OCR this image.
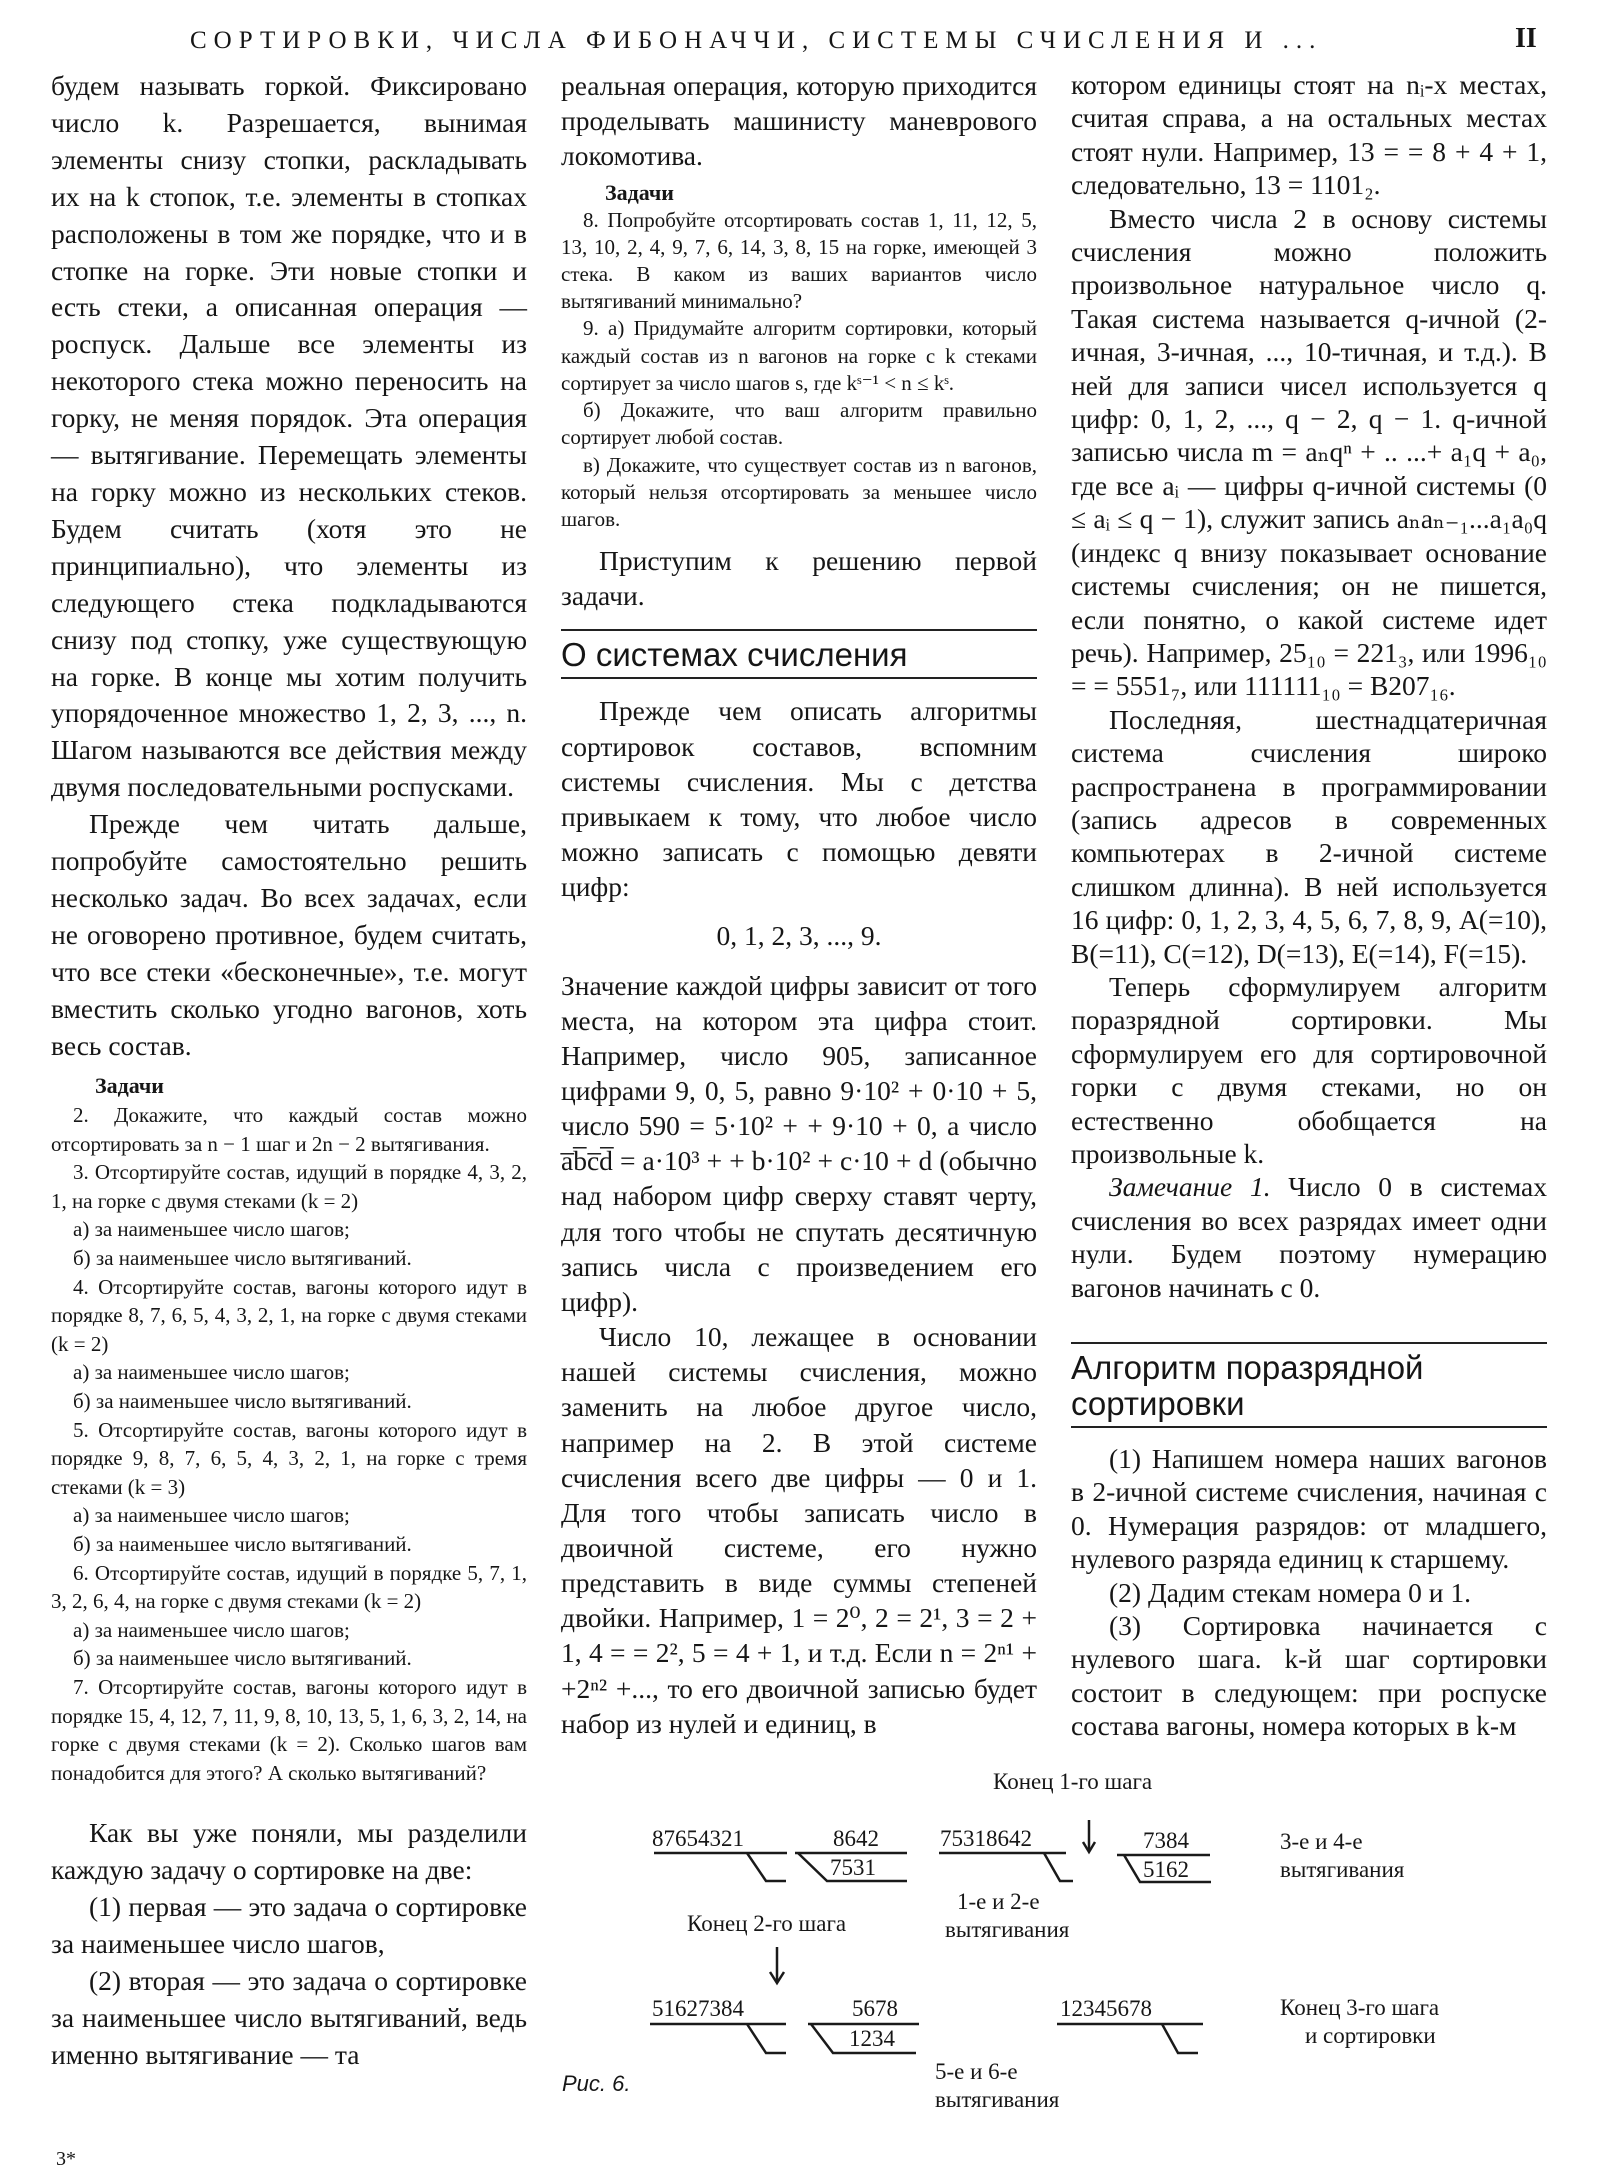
СОРТИРОВКИ, ЧИСЛА ФИБОНАЧЧИ, СИСТЕМЫ СЧИСЛЕНИЯ И ...	II

будем называть горкой. Фиксировано число k. Разрешается, вынимая элементы снизу стопки, раскладывать их на k стопок, т.е. элементы в стопках расположены в том же порядке, что и в стопке на горке. Эти новые стопки и есть стеки, а описанная операция — роспуск. Дальше все элементы из некоторого стека можно переносить на горку, не меняя порядок. Эта операция — вытягивание. Перемещать элементы на горку можно из нескольких стеков. Будем считать (хотя это не принципиально), что элементы из следующего стека подкладываются снизу под стопку, уже существующую на горке. В конце мы хотим получить упорядоченное множество 1, 2, 3, ..., n. Шагом называются все действия между двумя последовательными роспусками.

Прежде чем читать дальше, попробуйте самостоятельно решить несколько задач. Во всех задачах, если не оговорено противное, будем считать, что все стеки «бесконечные», т.е. могут вместить сколько угодно вагонов, хоть весь состав.

Задачи

2. Докажите, что каждый состав можно отсортировать за n − 1 шаг и 2n − 2 вытягивания.

3. Отсортируйте состав, идущий в порядке 4, 3, 2, 1, на горке с двумя стеками (k = 2)

а) за наименьшее число шагов;

б) за наименьшее число вытягиваний.

4. Отсортируйте состав, вагоны которого идут в порядке 8, 7, 6, 5, 4, 3, 2, 1, на горке с двумя стеками (k = 2)

а) за наименьшее число шагов;

б) за наименьшее число вытягиваний.

5. Отсортируйте состав, вагоны которого идут в порядке 9, 8, 7, 6, 5, 4, 3, 2, 1, на горке с тремя стеками (k = 3)

а) за наименьшее число шагов;

б) за наименьшее число вытягиваний.

6. Отсортируйте состав, идущий в порядке 5, 7, 1, 3, 2, 6, 4, на горке с двумя стеками (k = 2)

а) за наименьшее число шагов;

б) за наименьшее число вытягиваний.

7. Отсортируйте состав, вагоны которого идут в порядке 15, 4, 12, 7, 11, 9, 8, 10, 13, 5, 1, 6, 3, 2, 14, на горке с двумя стеками (k = 2). Сколько шагов вам понадобится для этого? А сколько вытягиваний?

Как вы уже поняли, мы разделили каждую задачу о сортировке на две:

(1) первая — это задача о сортировке за наименьшее число шагов,

(2) вторая — это задача о сортировке за наименьшее число вытягиваний, ведь именно вытягивание — та

реальная операция, которую приходится проделывать машинисту маневрового локомотива.

Задачи

8. Попробуйте отсортировать состав 1, 11, 12, 5, 13, 10, 2, 4, 9, 7, 6, 14, 3, 8, 15 на горке, имеющей 3 стека. В каком из ваших вариантов число вытягиваний минимально?

9. а) Придумайте алгоритм сортировки, который каждый состав из n вагонов на горке с k стеками сортирует за число шагов s, где kˢ⁻¹ < n ≤ kˢ.

б) Докажите, что ваш алгоритм правильно сортирует любой состав.

в) Докажите, что существует состав из n вагонов, который нельзя отсортировать за меньшее число шагов.

Приступим к решению первой задачи.

О системах счисления

Прежде чем описать алгоритмы сортировок составов, вспомним системы счисления. Мы с детства привыкаем к тому, что любое число можно записать с помощью девяти цифр:

0, 1, 2, 3, ..., 9.

Значение каждой цифры зависит от того места, на котором эта цифра стоит. Например, число 905, записанное цифрами 9, 0, 5, равно 9·10² + 0·10 + 5, число 590 = 5·10² + + 9·10 + 0, а число a̅b̅c̅d̅ = a·10³ + + b·10² + c·10 + d (обычно над набором цифр сверху ставят черту, для того чтобы не спутать десятичную запись числа с произведением его цифр).

Число 10, лежащее в основании нашей системы счисления, можно заменить на любое другое число, например на 2. В этой системе счисления всего две цифры — 0 и 1. Для того чтобы записать число в двоичной системе, его нужно представить в виде суммы степеней двойки. Например, 1 = 2⁰, 2 = 2¹, 3 = 2 + 1, 4 = = 2², 5 = 4 + 1, и т.д. Если n = 2ⁿ¹ + +2ⁿ² +..., то его двоичной записью будет набор из нулей и единиц, в

котором единицы стоят на nᵢ-х местах, считая справа, а на остальных местах стоят нули. Например, 13 = = 8 + 4 + 1, следовательно, 13 = 1101₂.

Вместо числа 2 в основу системы счисления можно положить произвольное натуральное число q. Такая система называется q-ичной (2-ичная, 3-ичная, ..., 10-тичная, и т.д.). В ней для записи чисел используется q цифр: 0, 1, 2, ..., q − 2, q − 1. q-ичной записью числа m = aₙqⁿ + .. ...+ a₁q + a₀, где все aᵢ — цифры q-ичной системы (0 ≤ aᵢ ≤ q − 1), служит запись aₙaₙ₋₁...a₁a₀q (индекс q внизу показывает основание системы счисления; он не пишется, если понятно, о какой системе идет речь). Например, 25₁₀ = 221₃, или 1996₁₀ = = 5551₇, или 111111₁₀ = B207₁₆.

Последняя, шестнадцатеричная система счисления широко распространена в программировании (запись адресов в современных компьютерах в 2-ичной системе слишком длинна). В ней используется 16 цифр: 0, 1, 2, 3, 4, 5, 6, 7, 8, 9, A(=10), B(=11), C(=12), D(=13), E(=14), F(=15).

Теперь сформулируем алгоритм поразрядной сортировки. Мы сформулируем его для сортировочной горки с двумя стеками, но он естественно обобщается на произвольные k.

Замечание 1. Число 0 в системах счисления во всех разрядах имеет одни нули. Будем поэтому нумерацию вагонов начинать с 0.

Алгоритм поразрядной сортировки

(1) Напишем номера наших вагонов в 2-ичной системе счисления, начиная с 0. Нумерация разрядов: от младшего, нулевого разряда единиц к старшему.

(2) Дадим стекам номера 0 и 1.

(3) Сортировка начинается с нулевого шага. k-й шаг сортировки состоит в следующем: при роспуске состава вагоны, номера которых в k-м

Конец 1-го шага
87654321	8642
7531
75318642	7384
5162
3-е и 4-е
вытягивания
1-е и 2-е
вытягивания
Конец 2-го шага
51627384	5678
1234
12345678	Конец 3-го шага
и сортировки
5-е и 6-е
вытягивания
Рис. 6.
3*
